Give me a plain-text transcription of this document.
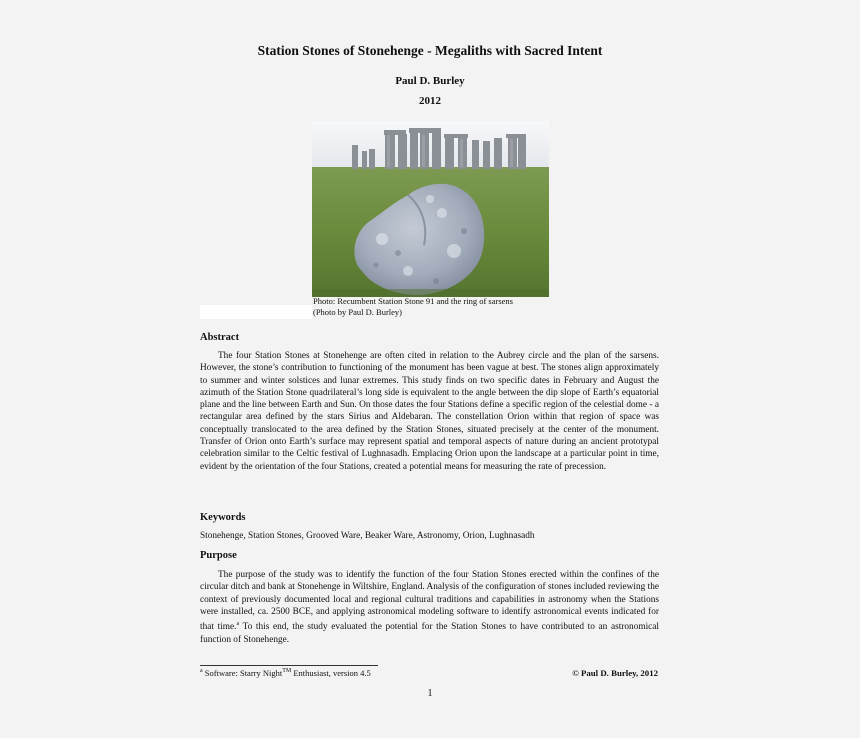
Station Stones of Stonehenge - Megaliths with Sacred Intent
Paul D. Burley
2012
Photo: Recumbent Station Stone 91 and the ring of sarsens
(Photo by Paul D. Burley)
Abstract
The four Station Stones at Stonehenge are often cited in relation to the Aubrey circle and the plan of the sarsens. However, the stone’s contribution to functioning of the monument has been vague at best. The stones align approximately to summer and winter solstices and lunar extremes. This study finds on two specific dates in February and August the azimuth of the Station Stone quadrilateral’s long side is equivalent to the angle between the dip slope of Earth’s equatorial plane and the line between Earth and Sun. On those dates the four Stations define a specific region of the celestial dome - a rectangular area defined by the stars Sirius and Aldebaran. The constellation Orion within that region of space was conceptually translocated to the area defined by the Station Stones, situated precisely at the center of the monument. Transfer of Orion onto Earth’s surface may represent spatial and temporal aspects of nature during an ancient prototypal celebration similar to the Celtic festival of Lughnasadh. Emplacing Orion upon the landscape at a particular point in time, evident by the orientation of the four Stations, created a potential means for measuring the rate of precession.
Keywords
Stonehenge, Station Stones, Grooved Ware, Beaker Ware, Astronomy, Orion, Lughnasadh
Purpose
The purpose of the study was to identify the function of the four Station Stones erected within the confines of the circular ditch and bank at Stonehenge in Wiltshire, England. Analysis of the configuration of stones included reviewing the context of previously documented local and regional cultural traditions and capabilities in astronomy when the Stations were installed, ca. 2500 BCE, and applying astronomical modeling software to identify astronomical events indicated for that time.$^a$ To this end, the study evaluated the potential for the Station Stones to have contributed to an astronomical function of Stonehenge.
$^a$ Software: Starry Night™ Enthusiast, version 4.5	© Paul D. Burley, 2012
1
